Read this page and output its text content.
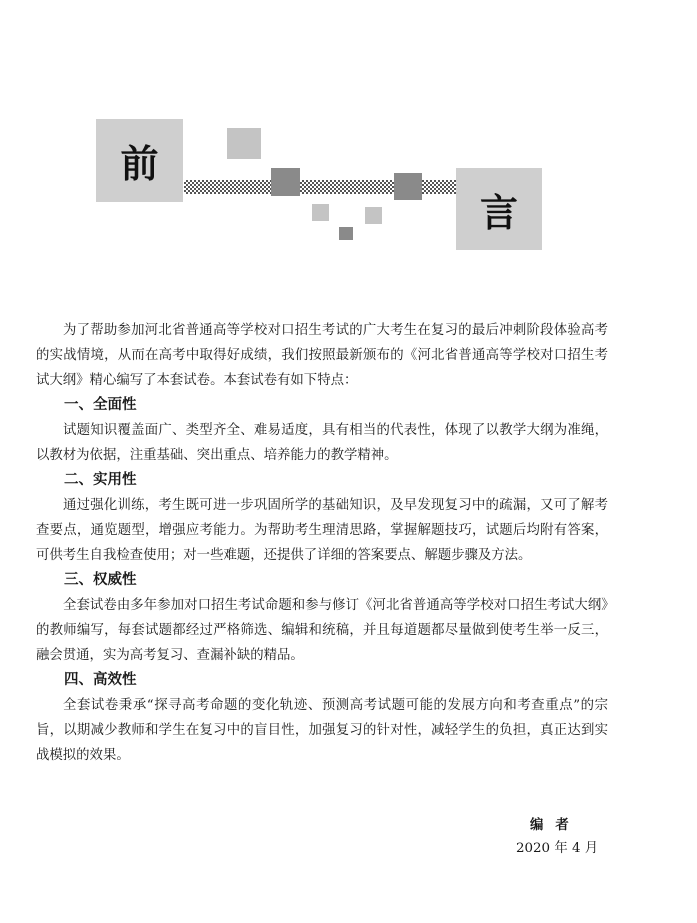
前
言

为了帮助参加河北省普通高等学校对口招生考试的广大考生在复习的最后冲刺阶段体验高考的实战情境，从而在高考中取得好成绩，我们按照最新颁布的《河北省普通高等学校对口招生考试大纲》精心编写了本套试卷。本套试卷有如下特点：

一、全面性

试题知识覆盖面广、类型齐全、难易适度，具有相当的代表性，体现了以教学大纲为准绳，以教材为依据，注重基础、突出重点、培养能力的教学精神。

二、实用性

通过强化训练，考生既可进一步巩固所学的基础知识，及早发现复习中的疏漏，又可了解考查要点，通览题型，增强应考能力。为帮助考生理清思路，掌握解题技巧，试题后均附有答案，可供考生自我检查使用；对一些难题，还提供了详细的答案要点、解题步骤及方法。

三、权威性

全套试卷由多年参加对口招生考试命题和参与修订《河北省普通高等学校对口招生考试大纲》的教师编写，每套试题都经过严格筛选、编辑和统稿，并且每道题都尽量做到使考生举一反三，融会贯通，实为高考复习、查漏补缺的精品。

四、高效性

全套试卷秉承“探寻高考命题的变化轨迹、预测高考试题可能的发展方向和考查重点”的宗旨，以期减少教师和学生在复习中的盲目性，加强复习的针对性，减轻学生的负担，真正达到实战模拟的效果。

编者
2020 年 4 月
